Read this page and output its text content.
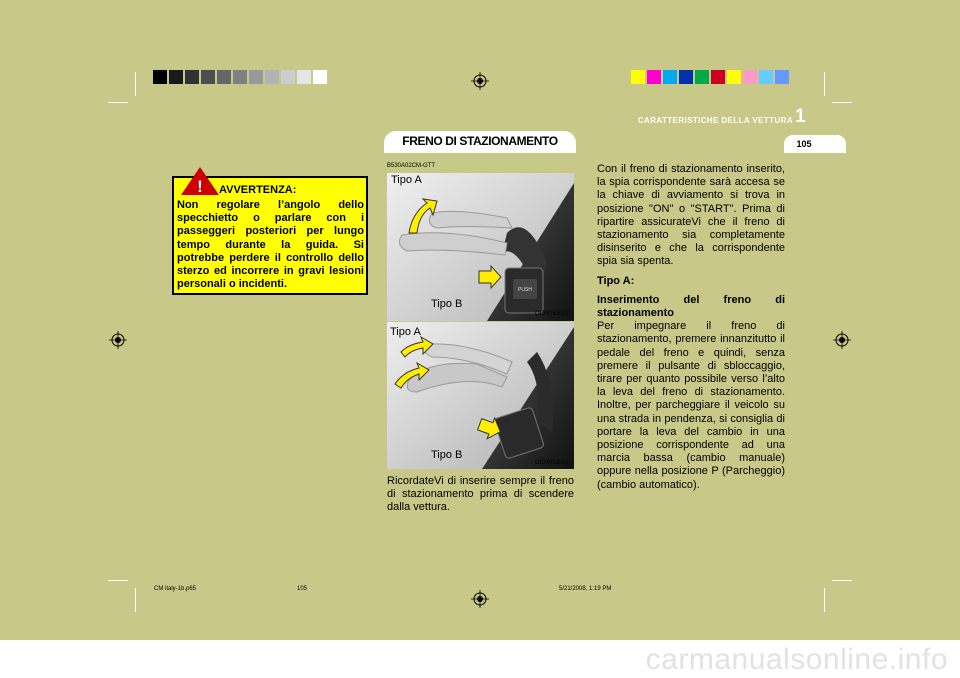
carmanualsonline.info
FRENO DI STAZIONAMENTO
CARATTERISTICHE DELLA VETTURA 1
105
! AVVERTENZA:
Non regolare l’angolo dello specchietto o parlare con i passeggeri posteriori per lungo tempo durante la guida. Si potrebbe perdere il controllo dello sterzo ed incorrere in gravi lesioni personali o incidenti.
B530A02CM-GTT
PUSH
Tipo A
Tipo B
OCM053002
Tipo A
Tipo B
OCM053007
RicordateVi di inserire sempre il freno di stazionamento prima di scendere dalla vettura.

Con il freno di stazionamento inserito, la spia corrispondente sarà accesa se la chiave di avviamento si trova in posizione "ON" o "START". Prima di ripartire assicurateVi che il freno di stazionamento sia completamente disinserito e che la corrispondente spia sia spenta.

Tipo A:

Inserimento del freno di stazionamento

Per impegnare il freno di stazionamento, premere innanzitutto il pedale del freno e quindi, senza premere il pulsante di sbloccaggio, tirare per quanto possibile verso l’alto la leva del freno di stazionamento. Inoltre, per parcheggiare il veicolo su una strada in pendenza, si consiglia di portare la leva del cambio in una posizione corrispondente ad una marcia bassa (cambio manuale) oppure nella posizione P (Parcheggio) (cambio automatico).

CM italy-1b.p65	105	5/21/2008, 1:19 PM
